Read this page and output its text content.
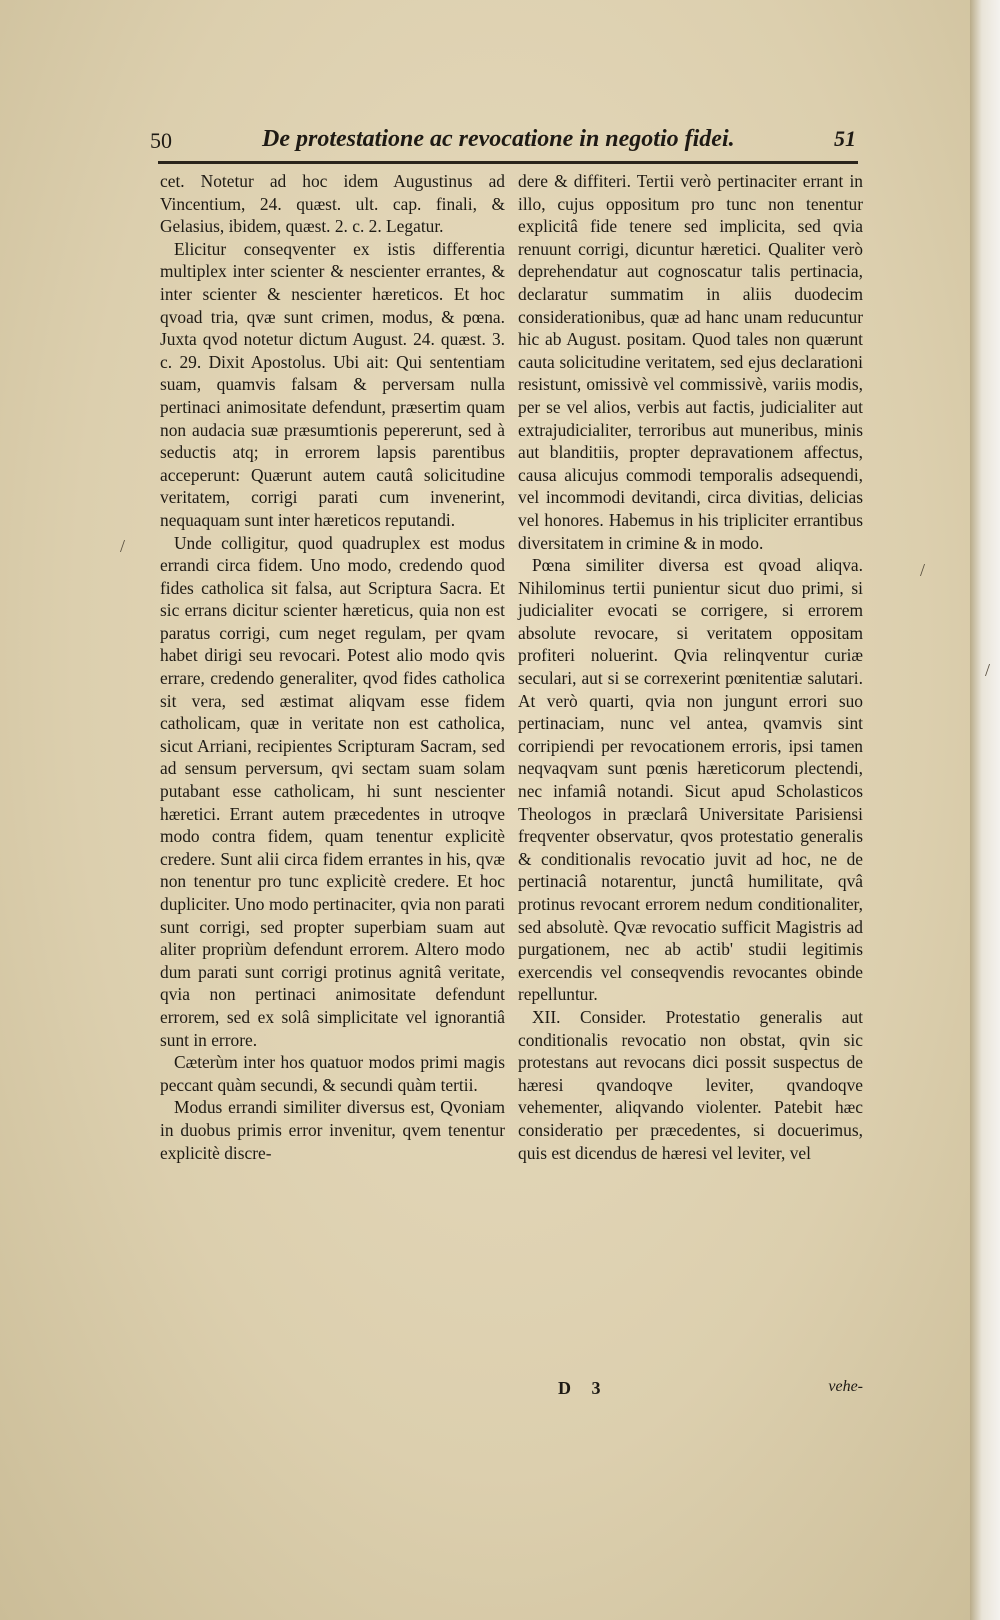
50	De protestatione ac revocatione in negotio fidei.	51

cet. Notetur ad hoc idem Augustinus ad Vincentium, 24. quæst. ult. cap. finali, & Gelasius, ibidem, quæst. 2. c. 2. Legatur.

Elicitur conseqventer ex istis differentia multiplex inter scienter & nescienter errantes, & inter scienter & nescienter hæreticos. Et hoc qvoad tria, qvæ sunt crimen, modus, & pœna. Juxta qvod notetur dictum August. 24. quæst. 3. c. 29. Dixit Apostolus. Ubi ait: Qui sententiam suam, quamvis falsam & perversam nulla pertinaci animositate defendunt, præsertim quam non audacia suæ præsumtionis pepererunt, sed à seductis atq; in errorem lapsis parentibus acceperunt: Quærunt autem cautâ solicitudine veritatem, corrigi parati cum invenerint, nequaquam sunt inter hæreticos reputandi.

Unde colligitur, quod quadruplex est modus errandi circa fidem. Uno modo, credendo quod fides catholica sit falsa, aut Scriptura Sacra. Et sic errans dicitur scienter hæreticus, quia non est paratus corrigi, cum neget regulam, per qvam habet dirigi seu revocari. Potest alio modo qvis errare, credendo generaliter, qvod fides catholica sit vera, sed æstimat aliqvam esse fidem catholicam, quæ in veritate non est catholica, sicut Arriani, recipientes Scripturam Sacram, sed ad sensum perversum, qvi sectam suam solam putabant esse catholicam, hi sunt nescienter hæretici. Errant autem præcedentes in utroqve modo contra fidem, quam tenentur explicitè credere. Sunt alii circa fidem errantes in his, qvæ non tenentur pro tunc explicitè credere. Et hoc dupliciter. Uno modo pertinaciter, qvia non parati sunt corrigi, sed propter superbiam suam aut aliter propriùm defendunt errorem. Altero modo dum parati sunt corrigi protinus agnitâ veritate, qvia non pertinaci animositate defendunt errorem, sed ex solâ simplicitate vel ignorantiâ sunt in errore.

Cæterùm inter hos quatuor modos primi magis peccant quàm secundi, & secundi quàm tertii.

Modus errandi similiter diversus est, Qvoniam in duobus primis error invenitur, qvem tenentur explicitè discre-

dere & diffiteri. Tertii verò pertinaciter errant in illo, cujus oppositum pro tunc non tenentur explicitâ fide tenere sed implicita, sed qvia renuunt corrigi, dicuntur hæretici. Qualiter verò deprehendatur aut cognoscatur talis pertinacia, declaratur summatim in aliis duodecim considerationibus, quæ ad hanc unam reducuntur hic ab August. positam. Quod tales non quærunt cauta solicitudine veritatem, sed ejus declarationi resistunt, omissivè vel commissivè, variis modis, per se vel alios, verbis aut factis, judicialiter aut extrajudicialiter, terroribus aut muneribus, minis aut blanditiis, propter depravationem affectus, causa alicujus commodi temporalis adsequendi, vel incommodi devitandi, circa divitias, delicias vel honores. Habemus in his tripliciter errantibus diversitatem in crimine & in modo.

Pœna similiter diversa est qvoad aliqva. Nihilominus tertii punientur sicut duo primi, si judicialiter evocati se corrigere, si errorem absolute revocare, si veritatem oppositam profiteri noluerint. Qvia relinqventur curiæ seculari, aut si se correxerint pœnitentiæ salutari. At verò quarti, qvia non jungunt errori suo pertinaciam, nunc vel antea, qvamvis sint corripiendi per revocationem erroris, ipsi tamen neqvaqvam sunt pœnis hæreticorum plectendi, nec infamiâ notandi. Sicut apud Scholasticos Theologos in præclarâ Universitate Parisiensi freqventer observatur, qvos protestatio generalis & conditionalis revocatio juvit ad hoc, ne de pertinaciâ notarentur, junctâ humilitate, qvâ protinus revocant errorem nedum conditionaliter, sed absolutè. Qvæ revocatio sufficit Magistris ad purgationem, nec ab actib' studii legitimis exercendis vel conseqvendis revocantes obinde repelluntur.

XII. Consider. Protestatio generalis aut conditionalis revocatio non obstat, qvin sic protestans aut revocans dici possit suspectus de hæresi qvandoqve leviter, qvandoqve vehementer, aliqvando violenter. Patebit hæc consideratio per præcedentes, si docuerimus, quis est dicendus de hæresi vel leviter, vel

D 3	vehe-
/
/
/
